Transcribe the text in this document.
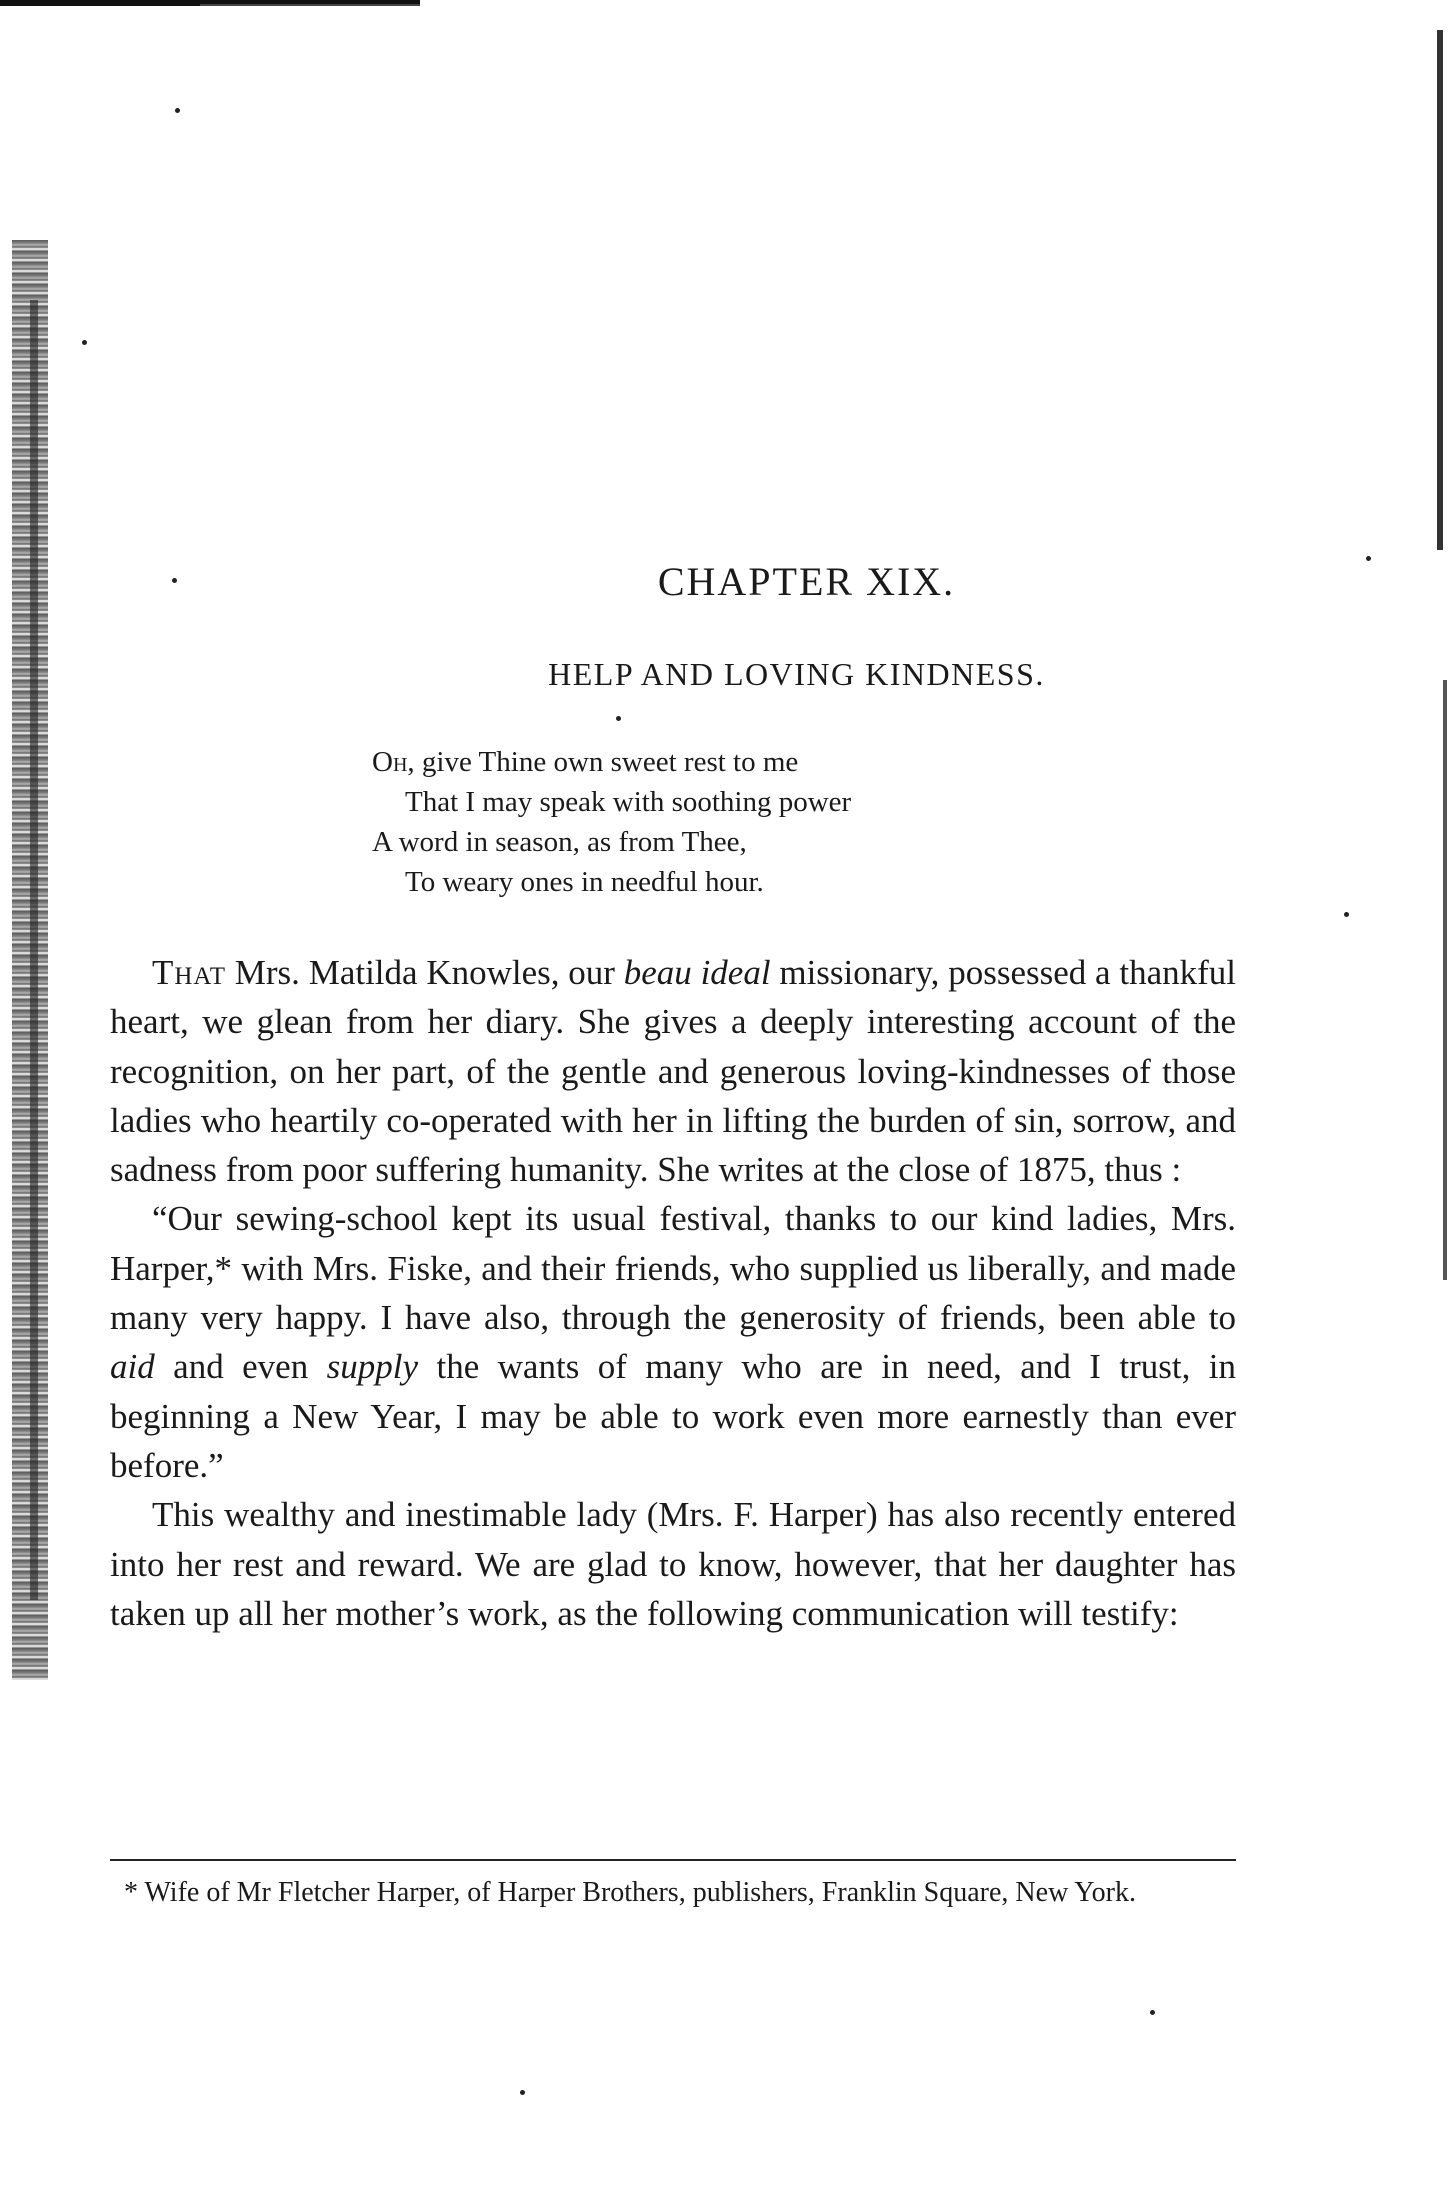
CHAPTER XIX.
HELP AND LOVING KINDNESS.
Oh, give Thine own sweet rest to me
That I may speak with soothing power
A word in season, as from Thee,
To weary ones in needful hour.

That Mrs. Matilda Knowles, our beau ideal missionary, possessed a thankful heart, we glean from her diary. She gives a deeply interesting account of the recognition, on her part, of the gentle and generous loving-kindnesses of those ladies who heartily co-operated with her in lifting the burden of sin, sorrow, and sadness from poor suffering humanity. She writes at the close of 1875, thus :

“Our sewing-school kept its usual festival, thanks to our kind ladies, Mrs. Harper,* with Mrs. Fiske, and their friends, who supplied us liberally, and made many very happy. I have also, through the generosity of friends, been able to aid and even supply the wants of many who are in need, and I trust, in beginning a New Year, I may be able to work even more earnestly than ever before.”

This wealthy and inestimable lady (Mrs. F. Harper) has also recently entered into her rest and reward. We are glad to know, however, that her daughter has taken up all her mother’s work, as the following communication will testify:

* Wife of Mr Fletcher Harper, of Harper Brothers, publishers, Franklin Square, New York.
